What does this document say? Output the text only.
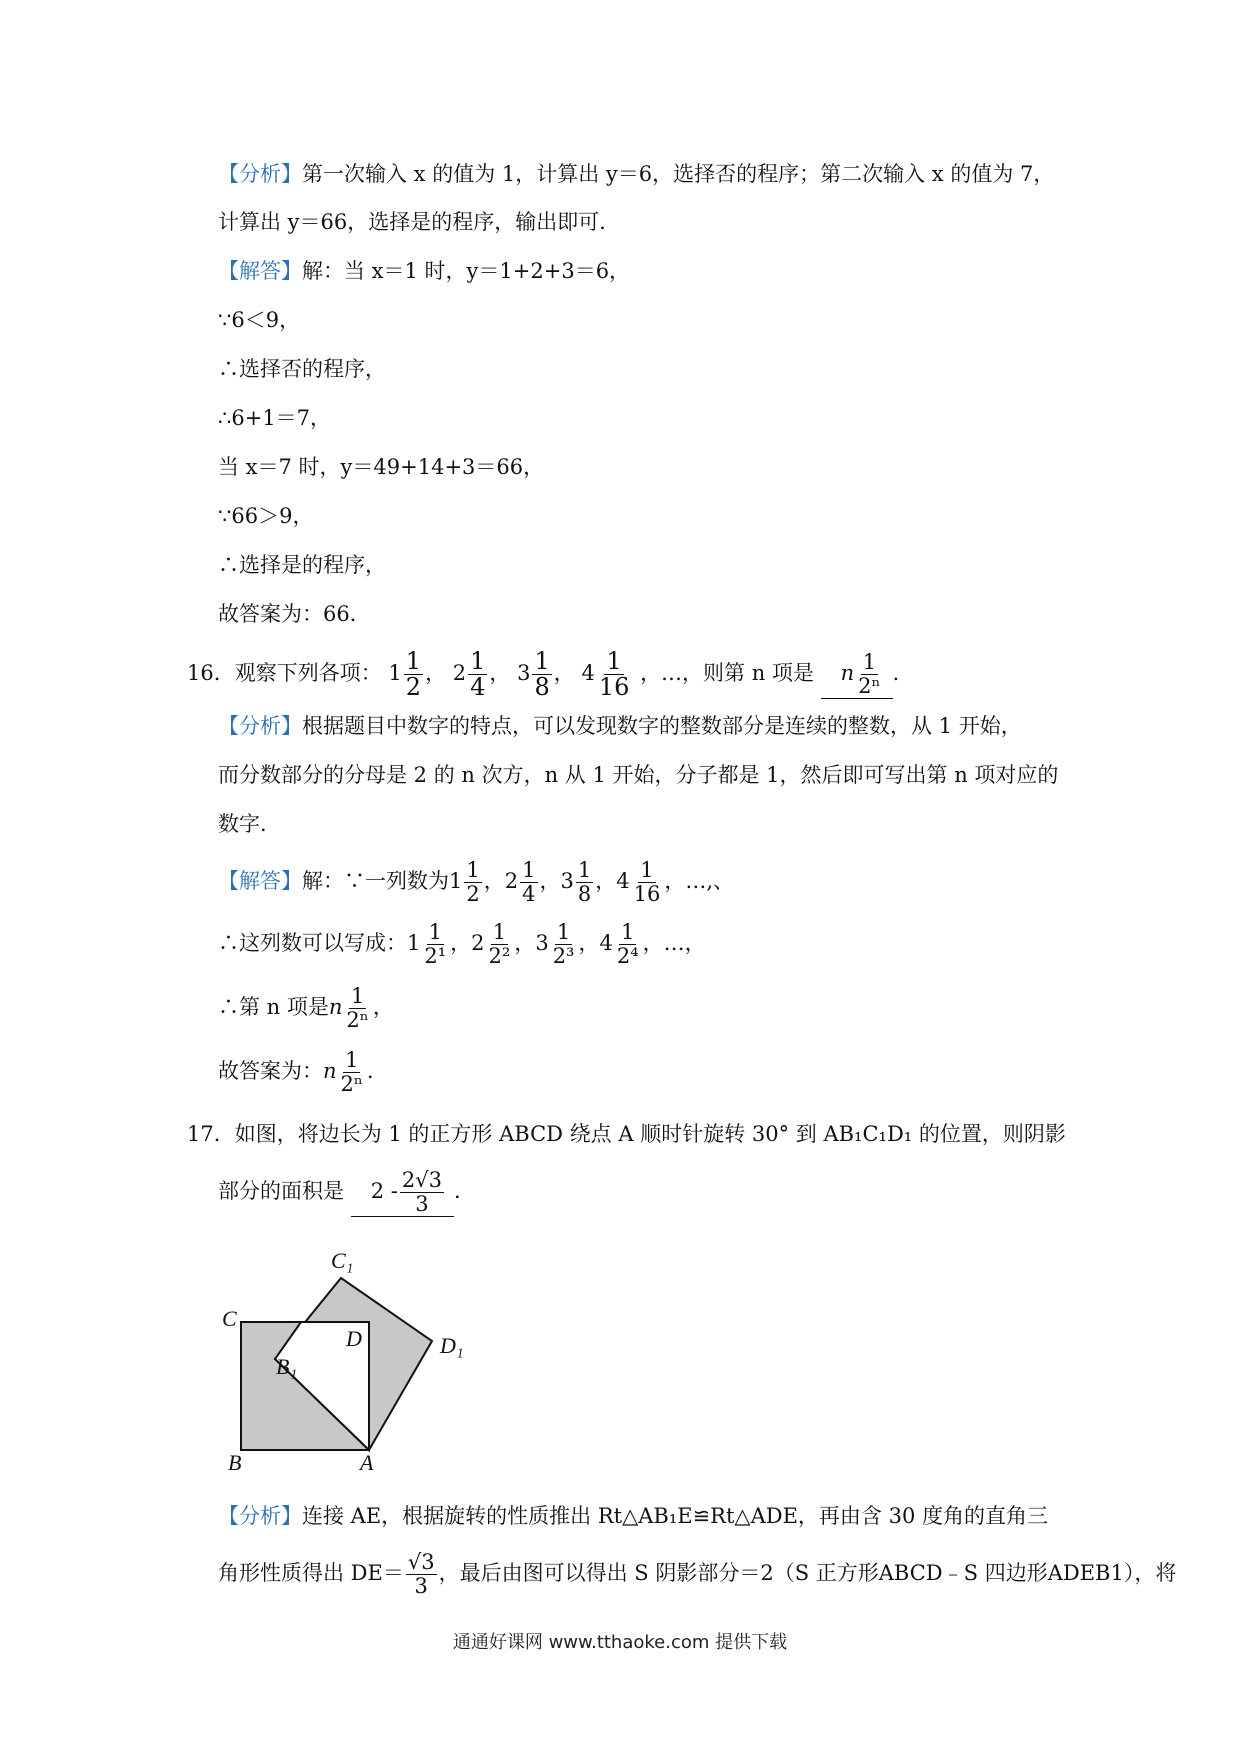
【分析】第一次输入 x 的值为 1，计算出 y＝6，选择否的程序；第二次输入 x 的值为 7，
计算出 y＝66，选择是的程序，输出即可．
【解答】解：当 x＝1 时，y＝1+2+3＝6，
∵6＜9，
∴选择否的程序，
∴6+1＝7，
当 x＝7 时，y＝49+14+3＝66，
∵66＞9，
∴选择是的程序，
故答案为：66．
16．观察下列各项： $1 \frac{1}{2}$ ， $2 \frac{1}{4}$ ， $3 \frac{1}{8}$ ， $4 \frac{1}{16}$ ，…，则第 n 项是 n $\frac{1}{\text{2ⁿ}}$ ．
【分析】根据题目中数字的特点，可以发现数字的整数部分是连续的整数，从 1 开始，
而分数部分的分母是 2 的 n 次方，n 从 1 开始，分子都是 1，然后即可写出第 n 项对应的
数字．
【解答】解：∵一列数为$1 \frac{1}{2}$ ，$2 \frac{1}{4}$ ，$3 \frac{1}{8}$ ，$4 \frac{1}{16}$ ，…,、
∴这列数可以写成：$1 \frac{1}{\text{2¹}}$ ，$2 \frac{1}{\text{2²}}$ ，$3 \frac{1}{\text{2³}}$ ，$4 \frac{1}{\text{2⁴}}$ ，…，
∴第 n 项是n $\frac{1}{\text{2ⁿ}}$ ，
故答案为：n $\frac{1}{\text{2ⁿ}}$ ．
17．如图，将边长为 1 的正方形 ABCD 绕点 A 顺时针旋转 30° 到 AB₁C₁D₁ 的位置，则阴影
部分的面积是 $2 - \frac{2√3}{3}$ ．
C₁
C
D	D₁
B₁
B	A
【分析】连接 AE，根据旋转的性质推出 Rt△AB₁E≌Rt△ADE，再由含 30 度角的直角三
角形性质得出 $DE= \frac{√3}{3}$ ，最后由图可以得出 S 阴影部分＝2（S 正方形ABCD﹣S 四边形ADEB1），将
通通好课网 www.tthaoke.com 提供下载
